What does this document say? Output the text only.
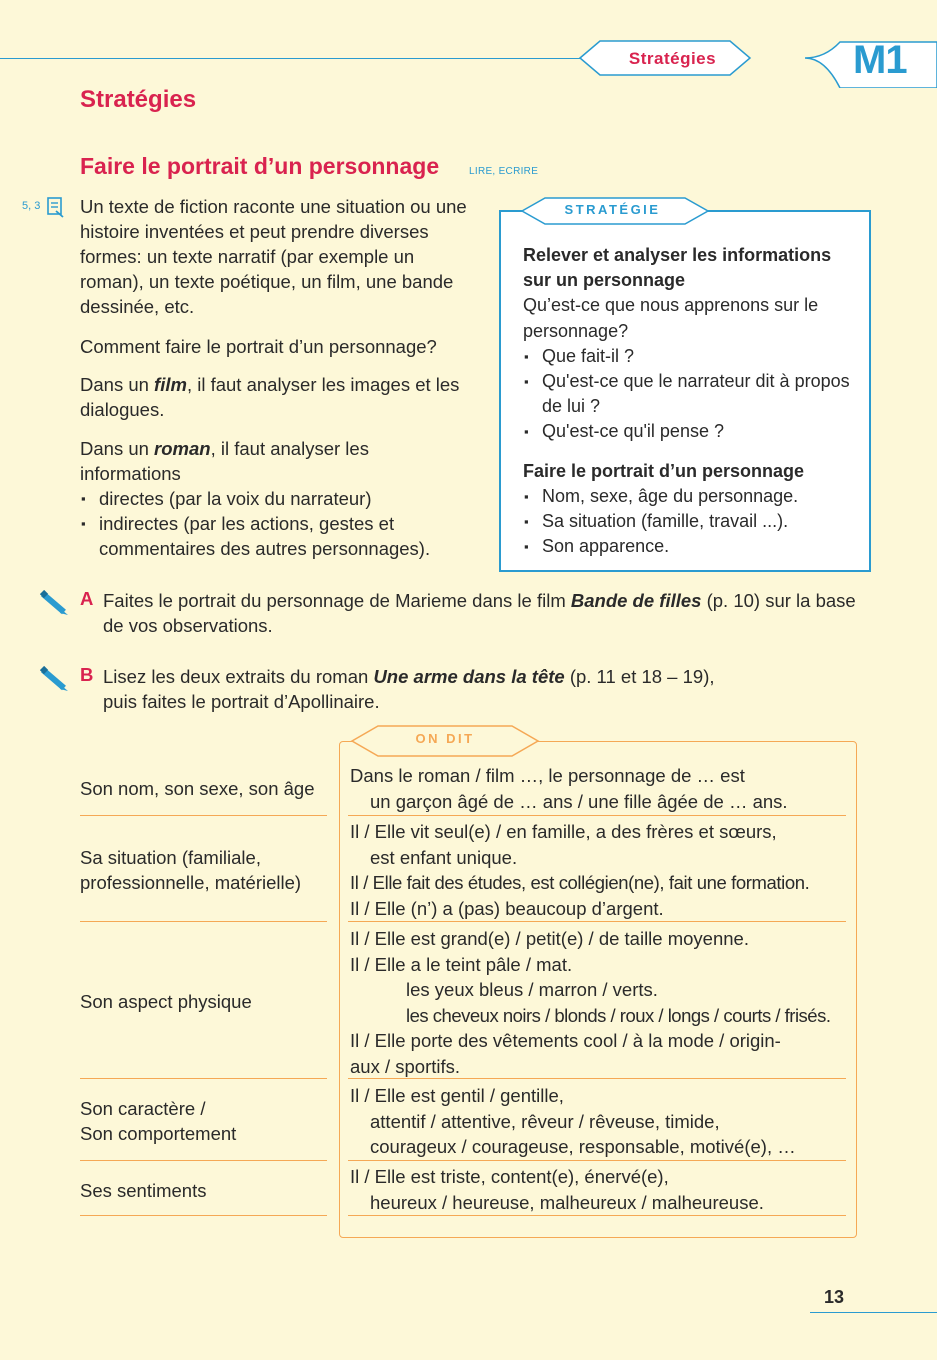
Stratégies	M1
Stratégies
Faire le portrait d’un personnage	LIRE, ECRIRE
5, 3 Un texte de fiction raconte une situation ou une histoire inventées et peut prendre diverses formes: un texte narratif (par exemple un roman), un texte poétique, un film, une bande dessinée, etc.

Comment faire le portrait d’un personnage?

Dans un film, il faut analyser les images et les dialogues.

Dans un roman, il faut analyser les informations

▪ directes (par la voix du narrateur)
▪ indirectes (par les actions, gestes et commentaires des autres personnages).
STRATÉGIE

Relever et analyser les informations sur un personnage

Qu’est-ce que nous apprenons sur le personnage?

▪ Que fait-il ?
▪ Qu'est-ce que le narrateur dit à propos de lui ?
▪ Qu'est-ce qu'il pense ?

Faire le portrait d’un personnage

▪ Nom, sexe, âge du personnage.
▪ Sa situation (famille, travail ...).
▪ Son apparence.
A Faites le portrait du personnage de Marieme dans le film Bande de filles (p. 10) sur la base de vos observations.
B Lisez les deux extraits du roman Une arme dans la tête (p. 11 et 18 – 19), puis faites le portrait d’Apollinaire.
ON DIT
Son nom, son sexe, son âge

Dans le roman / film …, le personnage de … est

un garçon âgé de … ans / une fille âgée de … ans.

Sa situation (familiale, professionnelle, matérielle)

Il / Elle vit seul(e) / en famille, a des frères et sœurs,

est enfant unique.

Il / Elle fait des études, est collégien(ne), fait une formation.

Il / Elle (n’) a (pas) beaucoup d’argent.

Son aspect physique

Il / Elle est grand(e) / petit(e) / de taille moyenne.

Il / Elle a le teint pâle / mat.

les yeux bleus / marron / verts.

les cheveux noirs / blonds / roux / longs / courts / frisés.

Il / Elle porte des vêtements cool / à la mode / origin-

aux / sportifs.

Son caractère /
Son comportement

Il / Elle est gentil / gentille,

attentif / attentive, rêveur / rêveuse, timide,

courageux / courageuse, responsable, motivé(e), …

Ses sentiments

Il / Elle est triste, content(e), énervé(e),

heureux / heureuse, malheureux / malheureuse.

13
